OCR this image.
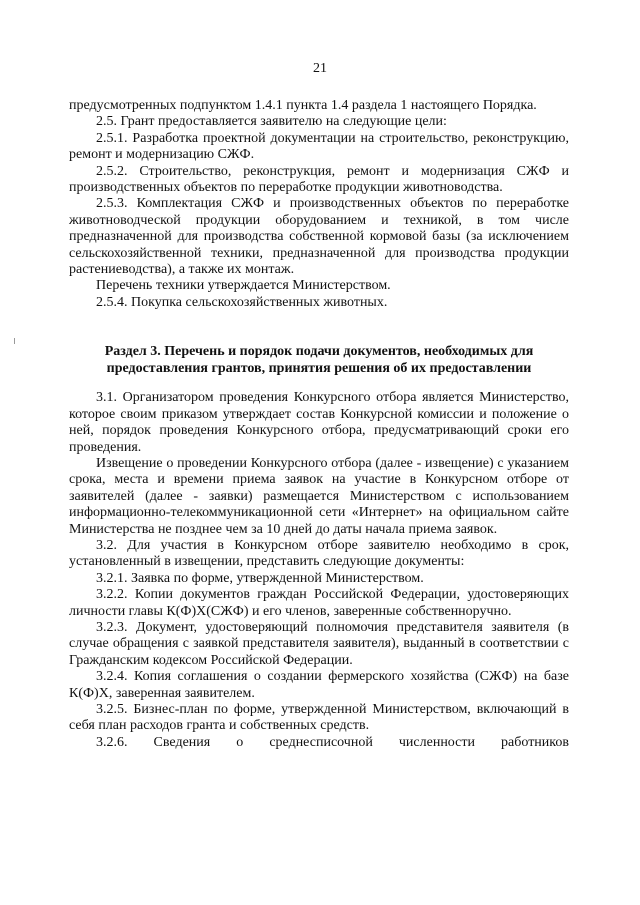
21

предусмотренных подпунктом 1.4.1 пункта 1.4 раздела 1 настоящего Порядка.

2.5. Грант предоставляется заявителю на следующие цели:

2.5.1. Разработка проектной документации на строительство, реконструкцию, ремонт и модернизацию СЖФ.

2.5.2. Строительство, реконструкция, ремонт и модернизация СЖФ и производственных объектов по переработке продукции животноводства.

2.5.3. Комплектация СЖФ и производственных объектов по переработке животноводческой продукции оборудованием и техникой, в том числе предназначенной для производства собственной кормовой базы (за исключением сельскохозяйственной техники, предназначенной для производства продукции растениеводства), а также их монтаж.

Перечень техники утверждается Министерством.

2.5.4. Покупка сельскохозяйственных животных.

Раздел 3. Перечень и порядок подачи документов, необходимых для
предоставления грантов, принятия решения об их предоставлении

3.1. Организатором проведения Конкурсного отбора является Министерство, которое своим приказом утверждает состав Конкурсной комиссии и положение о ней, порядок проведения Конкурсного отбора, предусматривающий сроки его проведения.

Извещение о проведении Конкурсного отбора (далее - извещение) с указанием срока, места и времени приема заявок на участие в Конкурсном отборе от заявителей (далее - заявки) размещается Министерством с использованием информационно-телекоммуникационной сети «Интернет» на официальном сайте Министерства не позднее чем за 10 дней до даты начала приема заявок.

3.2. Для участия в Конкурсном отборе заявителю необходимо в срок, установленный в извещении, представить следующие документы:

3.2.1. Заявка по форме, утвержденной Министерством.

3.2.2. Копии документов граждан Российской Федерации, удостоверяющих личности главы К(Ф)Х(СЖФ) и его членов, заверенные собственноручно.

3.2.3. Документ, удостоверяющий полномочия представителя заявителя (в случае обращения с заявкой представителя заявителя), выданный в соответствии с Гражданским кодексом Российской Федерации.

3.2.4. Копия соглашения о создании фермерского хозяйства (СЖФ) на базе К(Ф)Х, заверенная заявителем.

3.2.5. Бизнес-план по форме, утвержденной Министерством, включающий в себя план расходов гранта и собственных средств.

3.2.6. Сведения о среднесписочной численности работников
